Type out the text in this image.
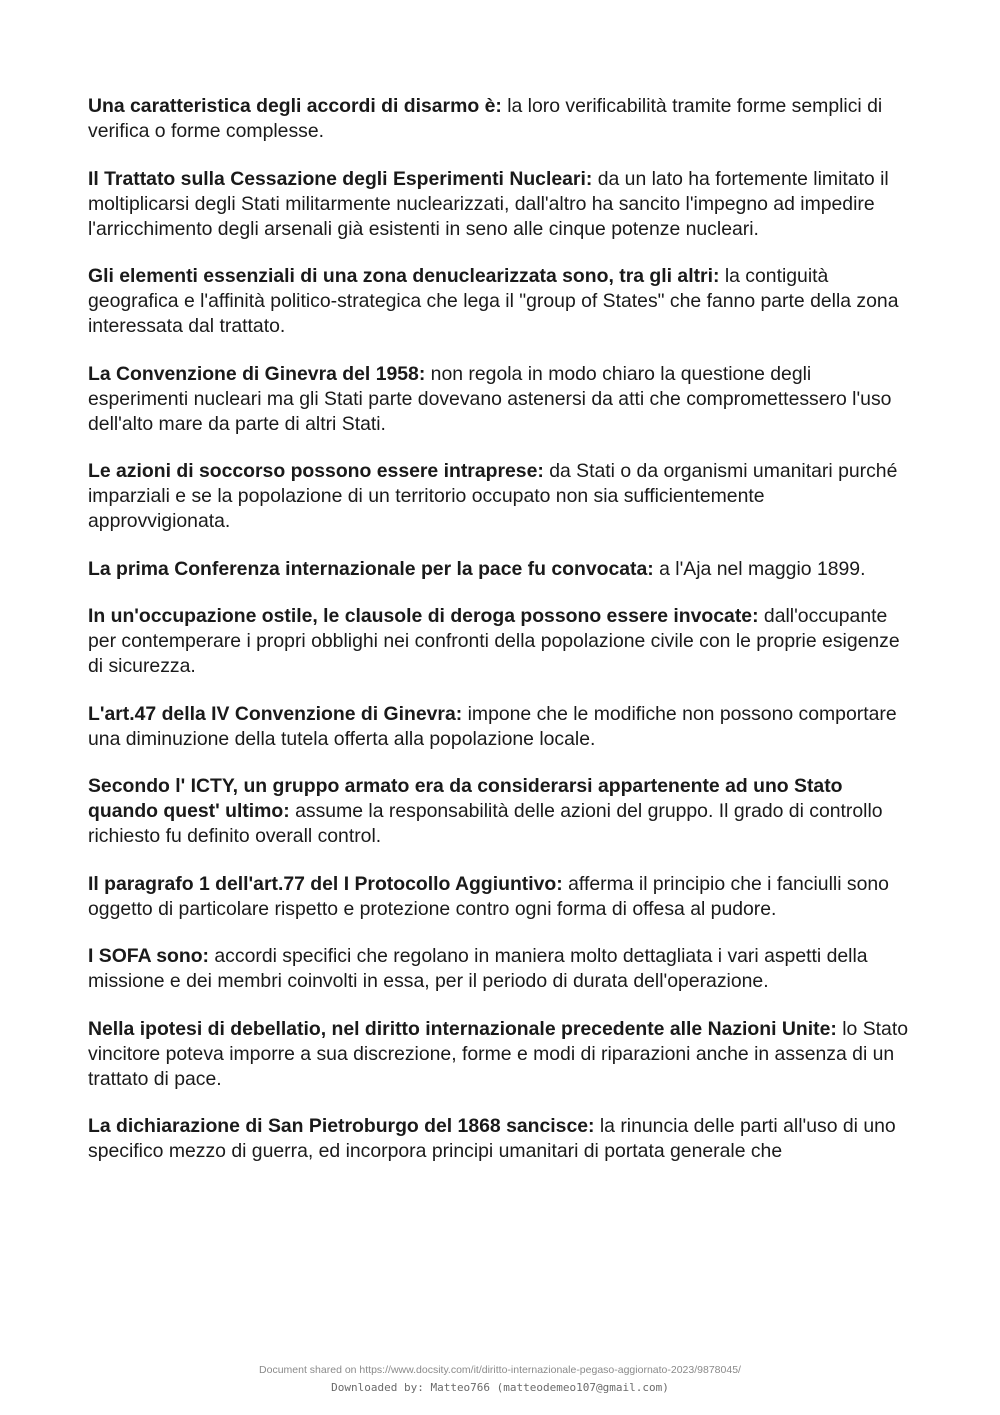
Una caratteristica degli accordi di disarmo è: la loro verificabilità tramite forme semplici di verifica o forme complesse.

Il Trattato sulla Cessazione degli Esperimenti Nucleari: da un lato ha fortemente limitato il moltiplicarsi degli Stati militarmente nuclearizzati, dall'altro ha sancito l'impegno ad impedire l'arricchimento degli arsenali già esistenti in seno alle cinque potenze nucleari.

Gli elementi essenziali di una zona denuclearizzata sono, tra gli altri: la contiguità geografica e l'affinità politico-strategica che lega il "group of States" che fanno parte della zona interessata dal trattato.

La Convenzione di Ginevra del 1958: non regola in modo chiaro la questione degli esperimenti nucleari ma gli Stati parte dovevano astenersi da atti che compromettessero l'uso dell'alto mare da parte di altri Stati.

Le azioni di soccorso possono essere intraprese: da Stati o da organismi umanitari purché imparziali e se la popolazione di un territorio occupato non sia sufficientemente approvvigionata.

La prima Conferenza internazionale per la pace fu convocata: a l'Aja nel maggio 1899.

In un'occupazione ostile, le clausole di deroga possono essere invocate: dall'occupante per contemperare i propri obblighi nei confronti della popolazione civile con le proprie esigenze di sicurezza.

L'art.47 della IV Convenzione di Ginevra: impone che le modifiche non possono comportare una diminuzione della tutela offerta alla popolazione locale.

Secondo l' ICTY, un gruppo armato era da considerarsi appartenente ad uno Stato quando quest' ultimo: assume la responsabilità delle azioni del gruppo. Il grado di controllo richiesto fu definito overall control.

Il paragrafo 1 dell'art.77 del I Protocollo Aggiuntivo: afferma il principio che i fanciulli sono oggetto di particolare rispetto e protezione contro ogni forma di offesa al pudore.

I SOFA sono: accordi specifici che regolano in maniera molto dettagliata i vari aspetti della missione e dei membri coinvolti in essa, per il periodo di durata dell'operazione.

Nella ipotesi di debellatio, nel diritto internazionale precedente alle Nazioni Unite: lo Stato vincitore poteva imporre a sua discrezione, forme e modi di riparazioni anche in assenza di un trattato di pace.

La dichiarazione di San Pietroburgo del 1868 sancisce: la rinuncia delle parti all'uso di uno specifico mezzo di guerra, ed incorpora principi umanitari di portata generale che

Document shared on https://www.docsity.com/it/diritto-internazionale-pegaso-aggiornato-2023/9878045/
Downloaded by: Matteo766 (matteodemeo107@gmail.com)
